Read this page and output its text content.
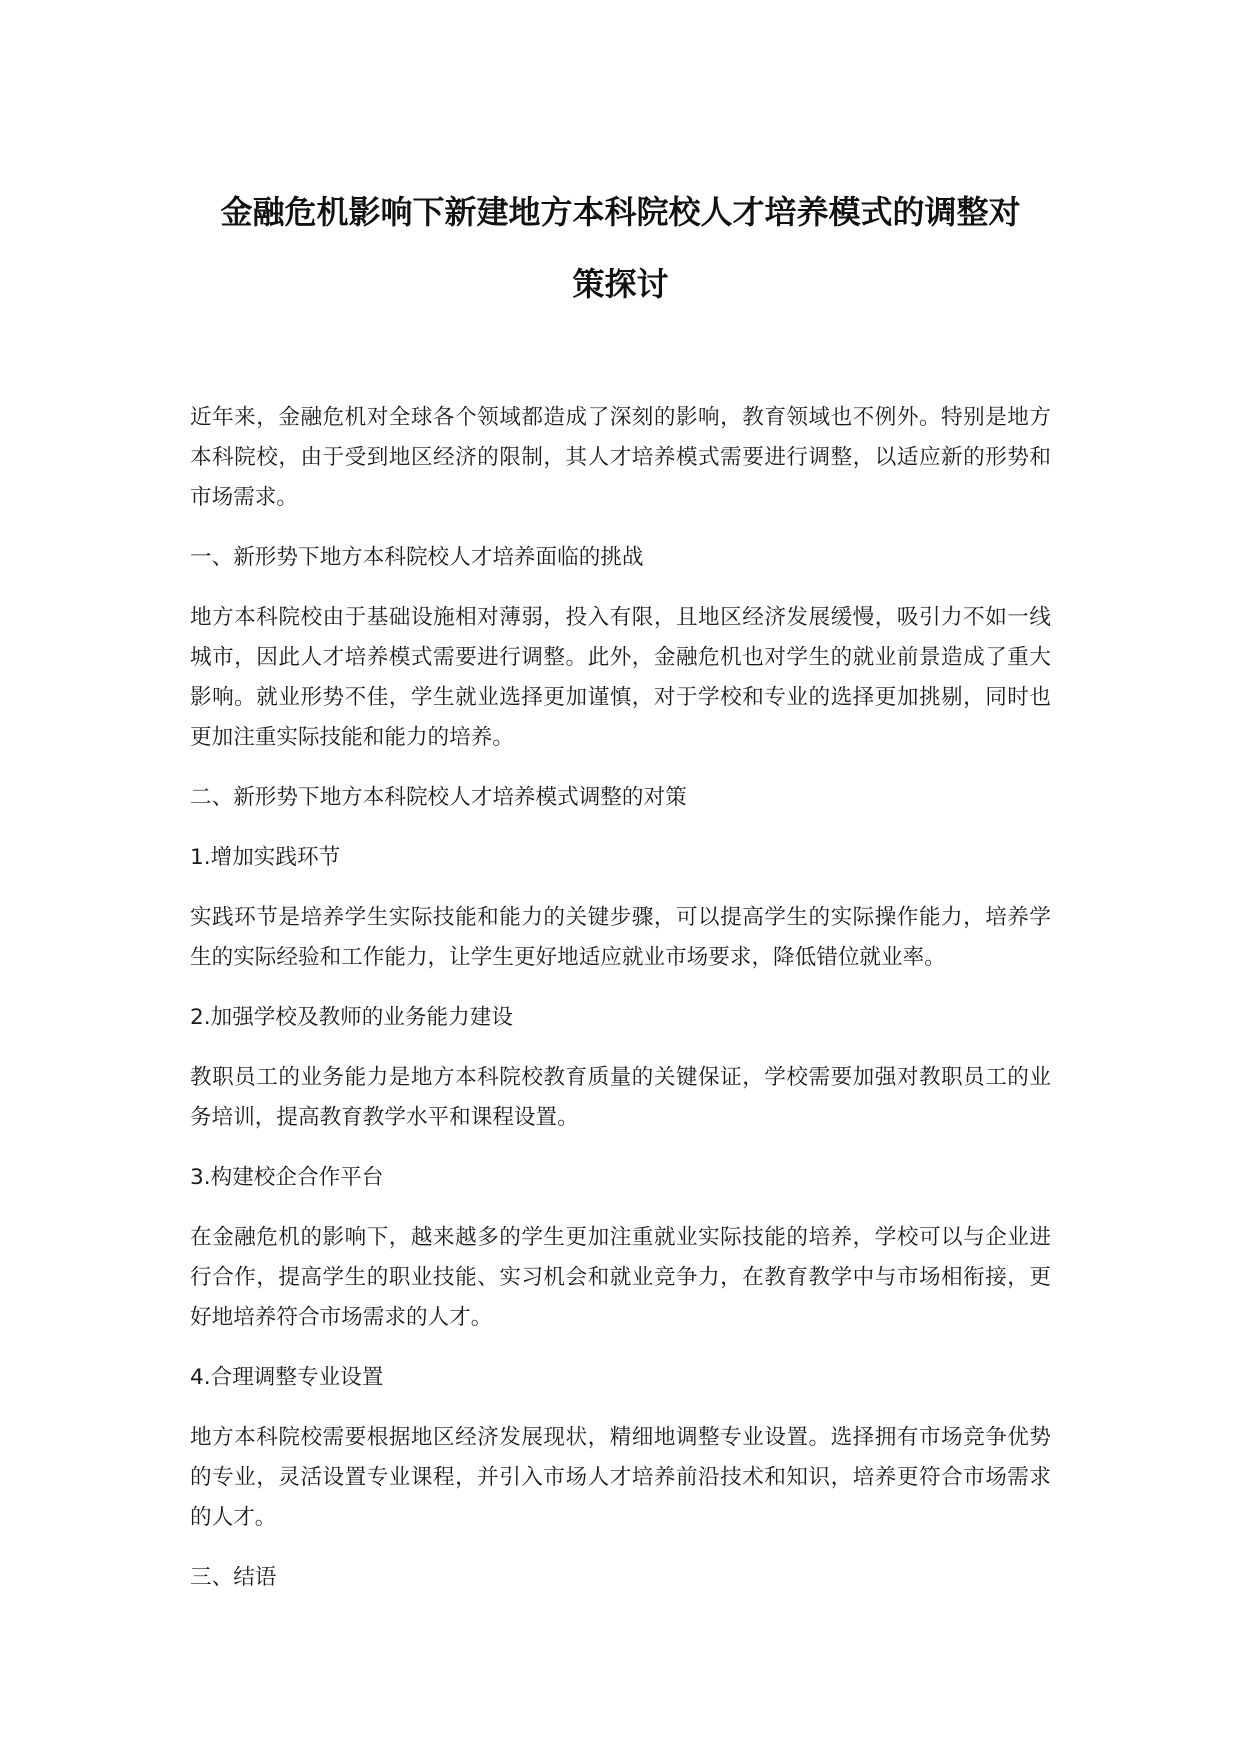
金融危机影响下新建地方本科院校人才培养模式的调整对
策探讨

近年来，金融危机对全球各个领域都造成了深刻的影响，教育领域也不例外。特别是地方本科院校，由于受到地区经济的限制，其人才培养模式需要进行调整，以适应新的形势和市场需求。

一、新形势下地方本科院校人才培养面临的挑战

地方本科院校由于基础设施相对薄弱，投入有限，且地区经济发展缓慢，吸引力不如一线城市，因此人才培养模式需要进行调整。此外，金融危机也对学生的就业前景造成了重大影响。就业形势不佳，学生就业选择更加谨慎，对于学校和专业的选择更加挑剔，同时也更加注重实际技能和能力的培养。

二、新形势下地方本科院校人才培养模式调整的对策

1.增加实践环节

实践环节是培养学生实际技能和能力的关键步骤，可以提高学生的实际操作能力，培养学生的实际经验和工作能力，让学生更好地适应就业市场要求，降低错位就业率。

2.加强学校及教师的业务能力建设

教职员工的业务能力是地方本科院校教育质量的关键保证，学校需要加强对教职员工的业务培训，提高教育教学水平和课程设置。

3.构建校企合作平台

在金融危机的影响下，越来越多的学生更加注重就业实际技能的培养，学校可以与企业进行合作，提高学生的职业技能、实习机会和就业竞争力，在教育教学中与市场相衔接，更好地培养符合市场需求的人才。

4.合理调整专业设置

地方本科院校需要根据地区经济发展现状，精细地调整专业设置。选择拥有市场竞争优势的专业，灵活设置专业课程，并引入市场人才培养前沿技术和知识，培养更符合市场需求的人才。

三、结语
